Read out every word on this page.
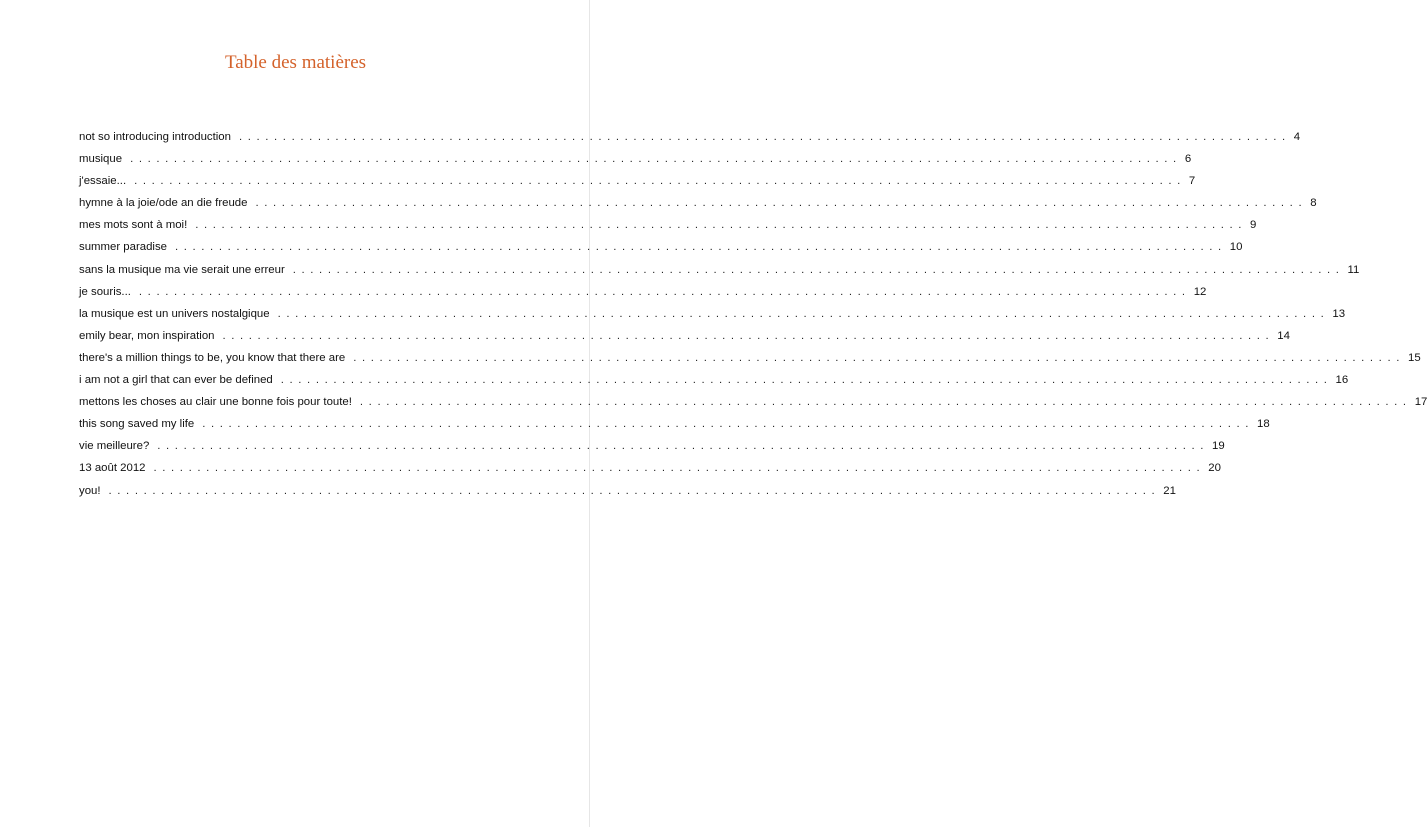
Table des matières
not so introducing introduction ........................................................................................................................ 4
musique ........................................................................................................................ 6
j'essaie... ........................................................................................................................ 7
hymne à la joie/ode an die freude ........................................................................................................................ 8
mes mots sont à moi! ........................................................................................................................ 9
summer paradise ........................................................................................................................ 10
sans la musique ma vie serait une erreur ........................................................................................................................ 11
je souris... ........................................................................................................................ 12
la musique est un univers nostalgique ........................................................................................................................ 13
emily bear, mon inspiration ........................................................................................................................ 14
there's a million things to be, you know that there are ........................................................................................................................ 15
i am not a girl that can ever be defined ........................................................................................................................ 16
mettons les choses au clair une bonne fois pour toute! ........................................................................................................................ 17
this song saved my life ........................................................................................................................ 18
vie meilleure? ........................................................................................................................ 19
13 août 2012 ........................................................................................................................ 20
you! ........................................................................................................................ 21
